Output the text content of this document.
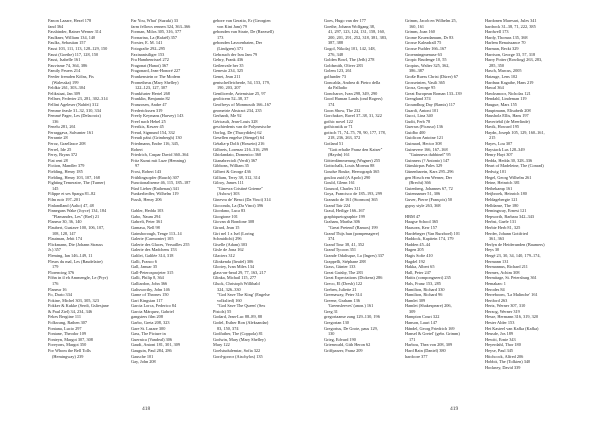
Fanon Lazare, Hezel 178
fand 364
Fassbinder, Rainer Werner 314
Faulkner, William 134, 140
Faulks, Sebastian 157
Faust 103, 111, 113, 128–129, 150
Faust (Goethe) 117, 128, 150
Faust, Isabelle 161
Fauvisme 74, 364, 386
Family Feuers 214
Feeder fremden Kölns, Fis
(Walesska) 199
Feldkir 261, 303–304
Felikstaat, Jan 309
Fellner, Federier 23, 281, 302–314
Fellini Ageleser (Nahfet) 312
Femme feasle 31–32, 310, 334
Femmé Pager, Les (Delacroix)
136
Fenelu 281, 261
Ferraggava, Salvanter 161
Ferrante 28
Feroz, Graellasce 208
Ferrel, Ide 25
Ferry, Bryan 372
Fiat rent 28
Fiction, Mandler 379
Fielding, Henry 185
Fielding, Henry 103, 107, 168
Fighting Temeraire, The (Turner)
145
Filippe et ses Sparga 81–82
Film noir 197–201
Finlandland (Aalto) 47, 48
Finnegans Wake (Joyce) 134, 184
"Flamandes, Les" (Rrel) 21
Flaneur 30, 36, 140
Flaubert, Gustave 100, 106, 107,
108, 128, 147
Flautman, Jebit 174
Flickmann, Die (Johann Strauss
Jr.) 357
Fleming, Ian 146–149, 11
Fleurs du mal, Les (Baudelaire)
179
Florencing 376
Föhn in il eh Ammengle, Le (Pryr)
176
Flaneur 16
Fo, Dario 334
Fokine, Michel 303, 305, 323
Fokker & Kukke (Serdi, Gsliesjane
& Paul Ziel) 34, 234, 346
Fekes Bergiine 111
Folkwang, Rathen 307
Fontana, Lucio 297
Fontane, Theodor 109
Fonteyn, Margot 307, 308
Foreyons, Margot 350
For Whom the Bell Tolls
(Hemingway) 239
Far You, What' (Suzuki) 33
farm fellows rennen 324, 363–366
Forman, Milos 305, 316, 377
Fornarina, La (Rafaël) 357
Forster, E. M. 141
Fotografie 292–295
Faxinanisiliger 153
Fra Hambenrissel 272
Fragonat (Hanoi) 367
Fragonard, Jean-Honoré 227
Frankenstein or The Modern
Prometheus (Mary Shelley)
122–123, 127, 307
Frankfurter Hertel 268
Franklin, Benjamin 82
Franzosen, Andre 47
Frederickssen 319
Freely Keymans (Harvey) 143
Freel nach Hebel 25
Frerikis, Keszer 45
Freud, Sigmund 154, 332
Freudi páisi (Grimbergh) 130
Friedmann, Endre 116, 345,
Robert
Friedrich, Caspar David 360–364
Fritz Kunst mit Luze (Henning)
97
Frost, Robert 143
Frühlingsopfer (Rauch) 307
Functionaliseme 46, 115, 185–187
Fünf Lieber (Rathenau) 341
Funkerliedfer, Wilhelm 119
Fussli, Henry 206
Gabler, Hedda 103
Gabo, Naum 294
Gabreli, Peter 361
Gamasa, Nell 98
Gainsborough, Tenge 113–14
Galerie (Carmonier) 105
Galerie des Glaces, Versailles 255
Galerie des Madchens 153
Galilei, Galilée 314, 318
Galli, Franco 6
Gall, Januar 35
Gall-Peterosprojeter 315
Galli, Philip 8, 364
Galliardon, John 366
Galtsworthy, John 146
Game of Thrones 150
Gari Kingsian 117
Garcia Lorca, Federico 84
Garcia Márquez, Gabriel
gangsters film 208
Garbo, Greta 208, 323
Gare St. Lazare 300
Gass, The Picture in
Guernica (Vandeal) 306
Gaudi, Antoni 181, 301, 309
Gauguin, Paul 284, 286
Gausche 101
Gay, John 208
gebore van Geratio, Er (Georgien
von Kint Jam) 79
gebonden van Strate, De (Rzezsell)
173
gebonden Laswenbaten, Der
(Lindgren) 371
Gebrauch der Ism Jam 79
Gehry, Frank 436
Geilenvale her 35
Genesio 234, 325
Genet, Jean 211
gentschefleicherde, 54, 153, 179,
190, 203, 207
Gentlicerde, Artemisiae 25, 97
geolitcern 52–38, 37
Geoffreys of Monmouth 166–167
geometrie Abstract 234, 235
Gerhardt, Me 92
Géricault, Jean-Louis 328
geschiedenis van de Polynesische
Oorlog, De (Thucydides) 62
Gesellen engelse (Stengel) 64
Gétalia-p Dolfi (Hossein) 216
Gilbrets, Lorenzo 216–316, 299
Ghirlandaio, Domenico 360
Gianabrecioli (Verdi) 367
Gibbons, William 35
Gilbert & George 436
Gilliam, Terry 38, 312, 314
Gilroy, James 111
"Ginevra Cristiné Grieme"
(Asbow) 303
Ginevra de' Benci (Da Vinci) 314
Gioconda, La (Da Vinci) 396
Giordano, Luca 83
Giorgione 101
Giovan di Bondone 308
Girard, Jean 15
Giri nel 1 z Isel (Loring
Schmidtchi) 296
Giselle (Adam) 303
Gisle de Jona 162
Glaciers 312
Glinkenda (Iteafel) 306
Gloriey, Ivan Miles 134
glass-on-head 29, 77, 163, 217
Glinka, Michail 115, 277
Gluck, Christoph Willibald
324, 326–330
"God Save The King' (Engelse
volkslied) 160
"God Save The Queen' (Sex
Pistols) 55
Godard, Jean-Luc 88–89, 88
Godel, Esther Ron (Aleksandar)
83, 150, 374
Godfather, The (Coppola) 81
Godwin, Mary (Mary Shelley)
Mary 122
Goelstudulemiar, Sofia 322
Gord-gorror (Aischylos) 135
418
Goes, Hugo van der 177
Goethe, Johann Wolfgang 38,
41, 297, 123, 124, 131, 158, 160,
200, 201, 291, 252, 318, 381, 383,
387, 388
Gogol, Nikolaj 101, 142, 148,
276, 348
Golden Bowl, The (Jefh) 278
Goldsmith, Oliver 283
Golem 123, 261
golfunder 73
Goncalda, Andrea di Pietro della
da Palladio
Goncharov, Ivan 298, 349, 290
Good Human Lands (ond Rogers)
174
Goon Show, The 232
Gorchakov, Ravel 37–38, 31, 322
gothic novel 122
gothicastik ar 71
gotisch 71, 74–75, 78, 90, 177, 178,
218, 236, 263, 372
Gotland 51
"Gott erhalte Franz den Kaiser"
(Haydn) 161
Götterdämmerung (Wagner) 255
Gottschalk, Louis Moreau 88
Goudse Bouke, Heerograph 365
goulou zuid (A Apolo) 290
Gould, Glenn 161
Gounod, Charles 311
Goya, Francisco de 185–193, 299
Granado de 161 (Stormon) 365
Grand Tair 224
Graul, Heilige 166–167
graphiquetographie 199
Graham, Martha 306
"Great Pretend' (Ramos) 199
Grand Thijs hun (pompenagere)
374
Grand Tour 38, 41, 352
Grand Tycoon 351
Grande Odalisque, La (Ingres) 337
Grappelli, Stéphane 288
Grass, Günter 133
Great Gatsby, The 283
Great Expectations (Dickens) 286
Greco, El (Dresb) 122
Greben, Juliette 21
Greenaway, Peter 314
Greene, Graham 136
'Greensleeves' (anon.) 161
Greg 31
gregoriaanse zang 129–130, 196
Gregorian 130
Gregorius, De Grote, paus 129,
130
Grieg, Edvard 190
Griemwald, Gith Heron 62
Griffparzer, Franz 209
Grimm, Jacob en Wilhelm 25,
160, 161
Grimm, Joan 160
Grome Kruezdamum, Dr 83
Grosse Kaleadrall 75
Grosse Fudder 166–167
Groenningmenuse 63
Gropic Brudenge 10, 55
Gropius, Walter 325, 362,
386–387
Große Ruess Christ (Dürer) 67
Grosseinien, Vasili 365
Grosz, George 95
Great European Roman 133–139
Grengland 374
Groundhog Day (Ramis) 117
Guardi, Antoni 101
Gucci, Lina 340
Gudit, Ferb 78
Guerras (Picasso) 136
Guidbo 400
Guidicon Antoine 121
Guimard, Hector 308
Guinevere 166, 167–168
"Guinneva dubbinel" 95
Guinness (? Antonio) 147
Günskirpas Pales 329
Günenbarein, Kars 295–296
gen Hirsch em Werner, Der
(Brecht) 366
Gutenberg, Johannes 67, 72
Gutennamer 51, 306
Guver, Pierre (François) 50
gypsy style 263, 368
HBM 47
Haagse School 365
Haasoea, Kerr 157
Hardebeger (Van Rurzboel) 101
Haddock, Kapitein 174, 179
Hadden 45–44
Hagen 205
Hagis Sofie 410
Hagdel 192
Hakka, Albert 65
Hall, Peter 247
Haitis (compongseert) 235
Hals, Franz 153, 285
Hamilton, Richard 330
Hamilton, Richard 96
Hamlet 309
Hamlet (Shakespeare) 206,
309
Hampton Court 322
Hanson, Lauri 147
Hándel, Georg Friedrich 169
Hansel & Gretel' (gebr. Grimm)
171
Harbou, Thea von 208, 309
Hard Rain (Daniel) 380
hardcore 377
Hardonen Maresart, Jules 341
hardrock 31–38, 71, 222, 385
Hardwell 173
Hardy, Thomas 135, 368
Harlem Renaissance 70
Harman, Beckt 329
Harrison, George 33, 57, 318
Harry Potter (Rowling) 263, 283,
285, 350
Hasch, Marcus, 2005
Hatzuge, Lens 102
Hardnaz Kagaibe, Hans 219
Hawal 364
Hawksmoor, Nicholas 121
Hendahl, Lindeman 119
Haugue, Mars 155
Hauptmann, Elisabeth 208
Hausholz Ellis, Hans 197
Haveriebil (de Meerlinde)
Havik, Howard 195
Haydn, Joseph 105, 129, 160–161,
215
Hayes, Lou 307
Haystack Lus 128–349
Henry Hayt 307
Hedda, Hedda 30, 328–336
Heart of Madeleine, The (Conrad)
Hedwig 101
Hegel, Georg Wilhelm 261
Heine, Heinrich 381
Heibekamp 161
Heijbroek, Heinrich 180
Heldagebergte 121
Helldanse, The 180
Hemingway, Ernest 121
Hepworth, Barbara 342–343
Herbst, Gaele 131
Herbie Herb 81, 325
Herder, Johann Gottfried
361, 363
Herlyn de Heiderunden (Baumers)
Heys 30
Hergé 23, 30, 34, 140, 179–174,
Hermann 131
Hermannus, Richard 211
Hermes, Achim 308
Hermitage, St. Petersburg 361
Hemakan: 1
Herodes 84
Herreboom, 'La Malinche' 161
Hertford 263
Hertz, Werner 307, 310
Herzog, Werner 319
Hesse, Hermann 316, 319, 320
Hester Alder 153
Het Kasteel van Kafka (Kafka)
Heusde, Jos 189
Hewitt, Ernie 343
Heyerdahl, Thor 180
Heyse, Paul 345
Hitchcock, Alfred 206
Hobbit, The (Tolkien) 340
Hockney, David 339
419
